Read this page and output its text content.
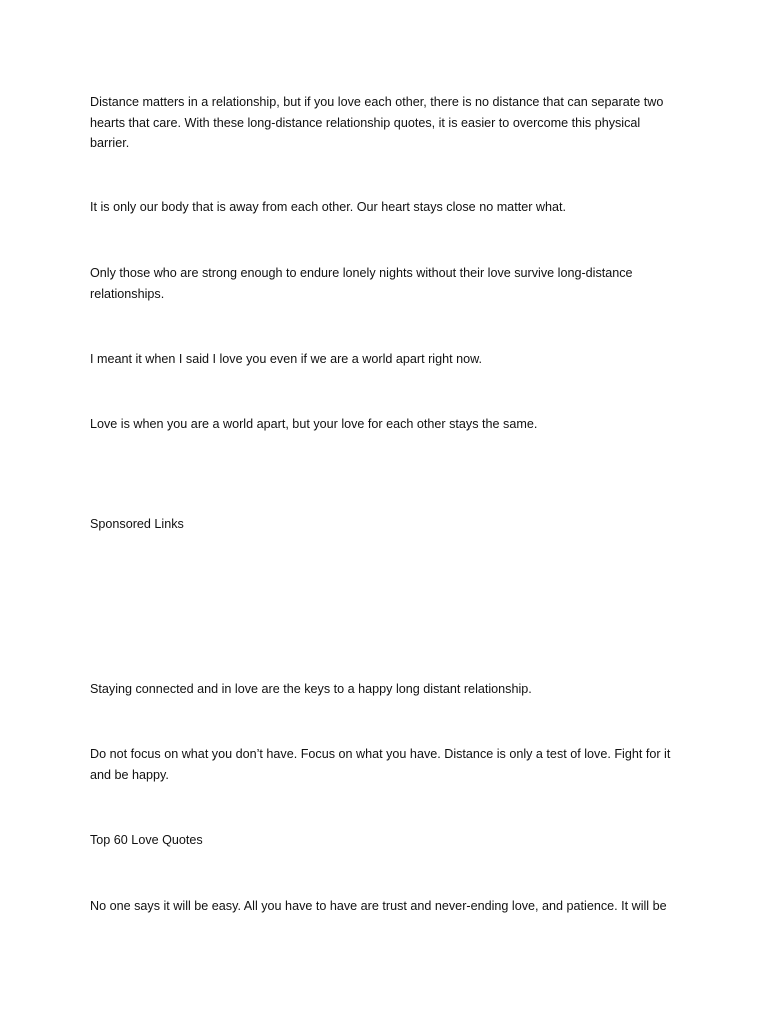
Distance matters in a relationship, but if you love each other, there is no distance that can separate two hearts that care. With these long-distance relationship quotes, it is easier to overcome this physical barrier.

It is only our body that is away from each other. Our heart stays close no matter what.

Only those who are strong enough to endure lonely nights without their love survive long-distance relationships.

I meant it when I said I love you even if we are a world apart right now.

Love is when you are a world apart, but your love for each other stays the same.

Sponsored Links

Staying connected and in love are the keys to a happy long distant relationship.

Do not focus on what you don’t have. Focus on what you have. Distance is only a test of love. Fight for it and be happy.

Top 60 Love Quotes

No one says it will be easy. All you have to have are trust and never-ending love, and patience. It will be
